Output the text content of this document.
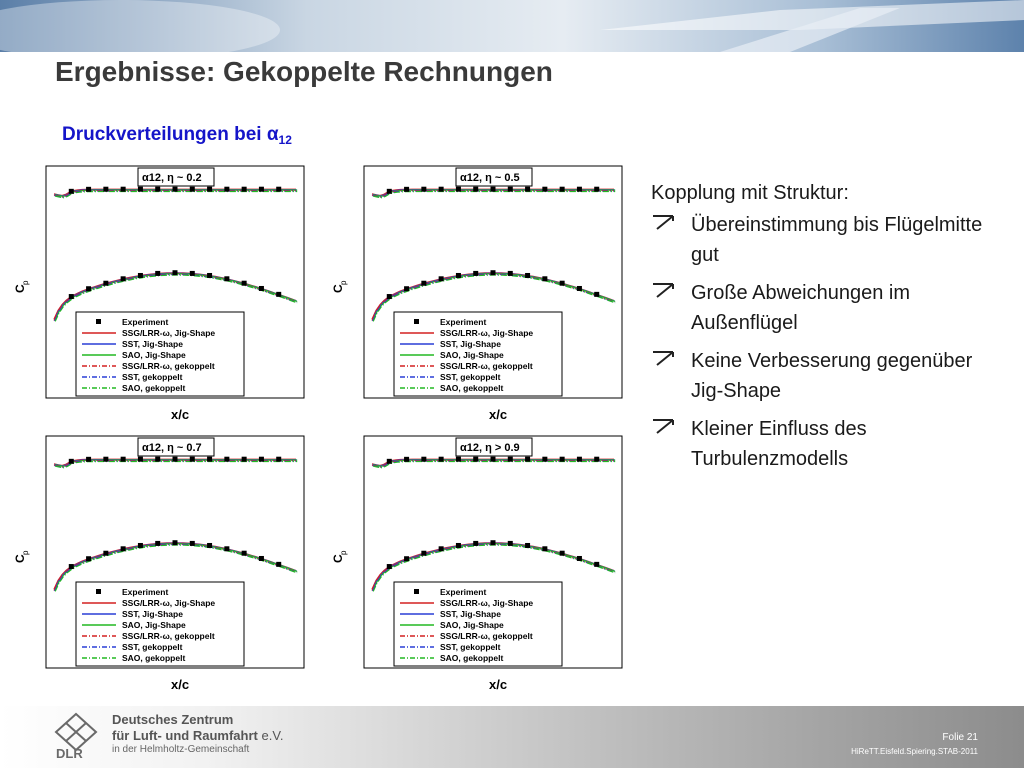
Ergebnisse: Gekoppelte Rechnungen
Druckverteilungen bei $\alpha_{12}$
α12, η ~ 0.2
Experiment
SSG/LRR-ω, Jig-Shape
SST, Jig-Shape
SAO, Jig-Shape
SSG/LRR-ω, gekoppelt
SST, gekoppelt
SAO, gekoppelt
C
p
x/c
α12, η ~ 0.5
Experiment
SSG/LRR-ω, Jig-Shape
SST, Jig-Shape
SAO, Jig-Shape
SSG/LRR-ω, gekoppelt
SST, gekoppelt
SAO, gekoppelt
C
p
x/c
α12, η ~ 0.7
Experiment
SSG/LRR-ω, Jig-Shape
SST, Jig-Shape
SAO, Jig-Shape
SSG/LRR-ω, gekoppelt
SST, gekoppelt
SAO, gekoppelt
C
p
x/c
α12, η > 0.9
Experiment
SSG/LRR-ω, Jig-Shape
SST, Jig-Shape
SAO, Jig-Shape
SSG/LRR-ω, gekoppelt
SST, gekoppelt
SAO, gekoppelt
C
p
x/c
Kopplung mit Struktur:
Übereinstimmung bis Flügelmitte gut
Große Abweichungen im Außenflügel
Keine Verbesserung gegenüber Jig-Shape
Kleiner Einfluss des Turbulenzmodells
DLR
Deutsches Zentrum
für Luft- und Raumfahrt e.V.
in der Helmholtz-Gemeinschaft
Folie 21
HiReTT.Eisfeld.Spiering.STAB-2011
